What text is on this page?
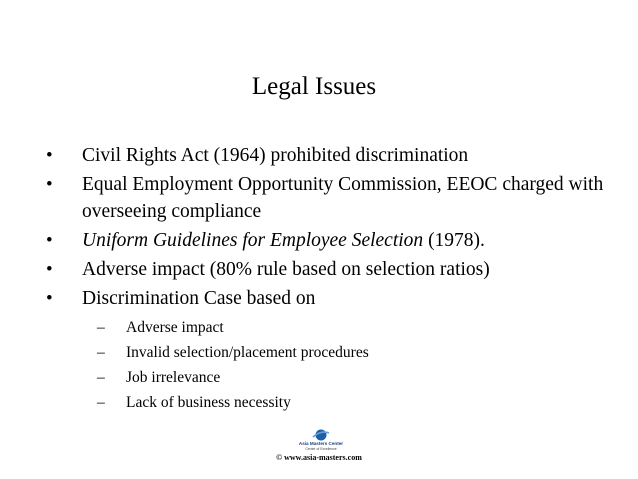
Legal Issues
• Civil Rights Act (1964) prohibited discrimination
• Equal Employment Opportunity Commission, EEOC charged with overseeing compliance
• Uniform Guidelines for Employee Selection (1978).
• Adverse impact (80% rule based on selection ratios)
• Discrimination Case based on
– Adverse impact
– Invalid selection/placement procedures
– Job irrelevance
– Lack of business necessity
Asia Masters Center
Center of Excellence
© www.asia-masters.com
